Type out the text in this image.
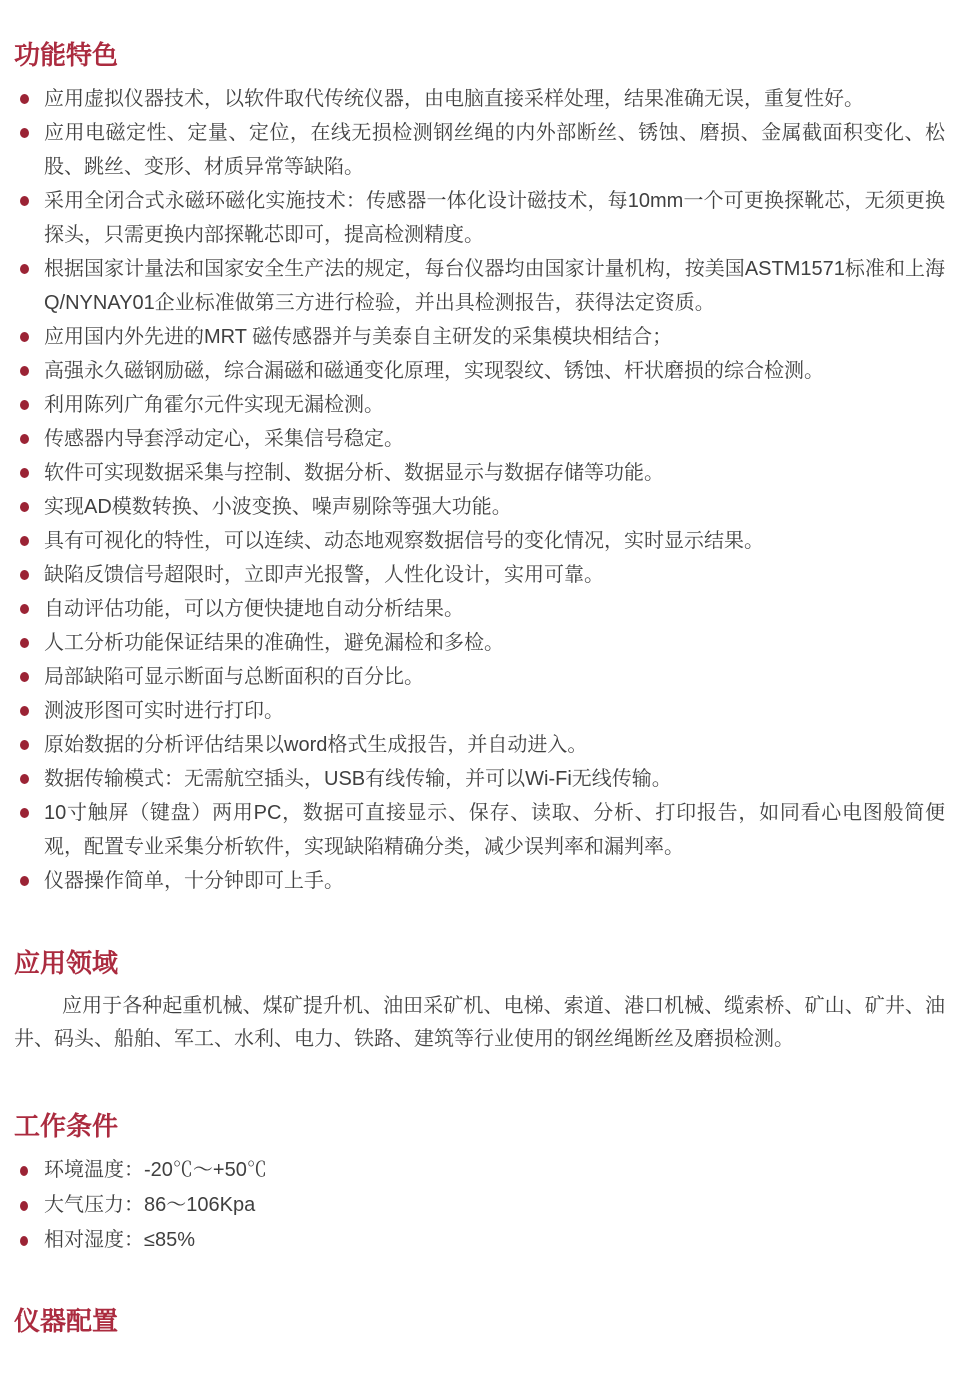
功能特色
应用虚拟仪器技术，以软件取代传统仪器，由电脑直接采样处理，结果准确无误，重复性好。
应用电磁定性、定量、定位，在线无损检测钢丝绳的内外部断丝、锈蚀、磨损、金属截面积变化、松股、跳丝、变形、材质异常等缺陷。
采用全闭合式永磁环磁化实施技术：传感器一体化设计磁技术，每10mm一个可更换探靴芯，无须更换探头，只需更换内部探靴芯即可，提高检测精度。
根据国家计量法和国家安全生产法的规定，每台仪器均由国家计量机构，按美国ASTM1571标准和上海Q/NYNAY01企业标准做第三方进行检验，并出具检测报告，获得法定资质。
应用国内外先进的MRT 磁传感器并与美泰自主研发的采集模块相结合；
高强永久磁钢励磁，综合漏磁和磁通变化原理，实现裂纹、锈蚀、杆状磨损的综合检测。
利用陈列广角霍尔元件实现无漏检测。
传感器内导套浮动定心，采集信号稳定。
软件可实现数据采集与控制、数据分析、数据显示与数据存储等功能。
实现AD模数转换、小波变换、噪声剔除等强大功能。
具有可视化的特性，可以连续、动态地观察数据信号的变化情况，实时显示结果。
缺陷反馈信号超限时，立即声光报警，人性化设计，实用可靠。
自动评估功能，可以方便快捷地自动分析结果。
人工分析功能保证结果的准确性，避免漏检和多检。
局部缺陷可显示断面与总断面积的百分比。
测波形图可实时进行打印。
原始数据的分析评估结果以word格式生成报告，并自动进入。
数据传输模式：无需航空插头，USB有线传输，并可以Wi-Fi无线传输。
10寸触屏（键盘）两用PC，数据可直接显示、保存、读取、分析、打印报告，如同看心电图般简便观，配置专业采集分析软件，实现缺陷精确分类，减少误判率和漏判率。
仪器操作简单，十分钟即可上手。
应用领域

应用于各种起重机械、煤矿提升机、油田采矿机、电梯、索道、港口机械、缆索桥、矿山、矿井、油井、码头、船舶、军工、水利、电力、铁路、建筑等行业使用的钢丝绳断丝及磨损检测。

工作条件
环境温度：-20℃～+50℃
大气压力：86～106Kpa
相对湿度：≤85%
仪器配置
